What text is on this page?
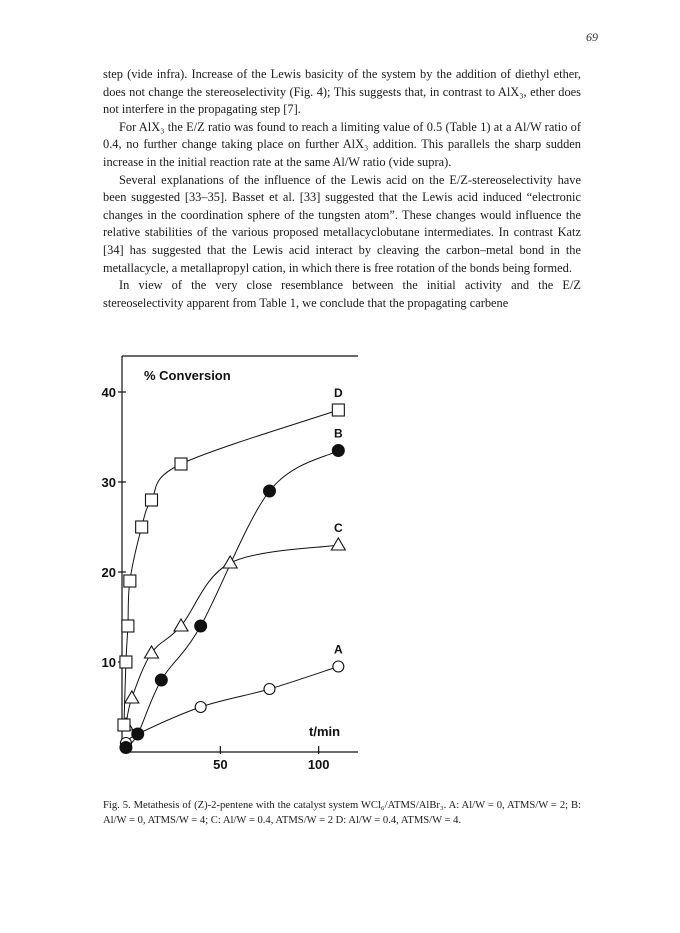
69

step (vide infra). Increase of the Lewis basicity of the system by the addition of diethyl ether, does not change the stereoselectivity (Fig. 4); This suggests that, in contrast to AlX₃, ether does not interfere in the propagating step [7].

For AlX₃ the E/Z ratio was found to reach a limiting value of 0.5 (Table 1) at a Al/W ratio of 0.4, no further change taking place on further AlX₃ addition. This parallels the sharp sudden increase in the initial reaction rate at the same Al/W ratio (vide supra).

Several explanations of the influence of the Lewis acid on the E/Z-stereoselectivity have been suggested [33–35]. Basset et al. [33] suggested that the Lewis acid induced “electronic changes in the coordination sphere of the tungsten atom”. These changes would influence the relative stabilities of the various proposed metallacyclobutane intermediates. In contrast Katz [34] has suggested that the Lewis acid interact by cleaving the carbon–metal bond in the metallacycle, a metallapropyl cation, in which there is free rotation of the bonds being formed.

In view of the very close resemblance between the initial activity and the E/Z stereoselectivity apparent from Table 1, we conclude that the propagating carbene

10
20
30
40
50	100
% Conversion
t/min
A
B
C
D
Fig. 5. Metathesis of (Z)-2-pentene with the catalyst system WCl₆/ATMS/AlBr₃. A: Al/W = 0, ATMS/W = 2; B: Al/W = 0, ATMS/W = 4; C: Al/W = 0.4, ATMS/W = 2 D: Al/W = 0.4, ATMS/W = 4.
